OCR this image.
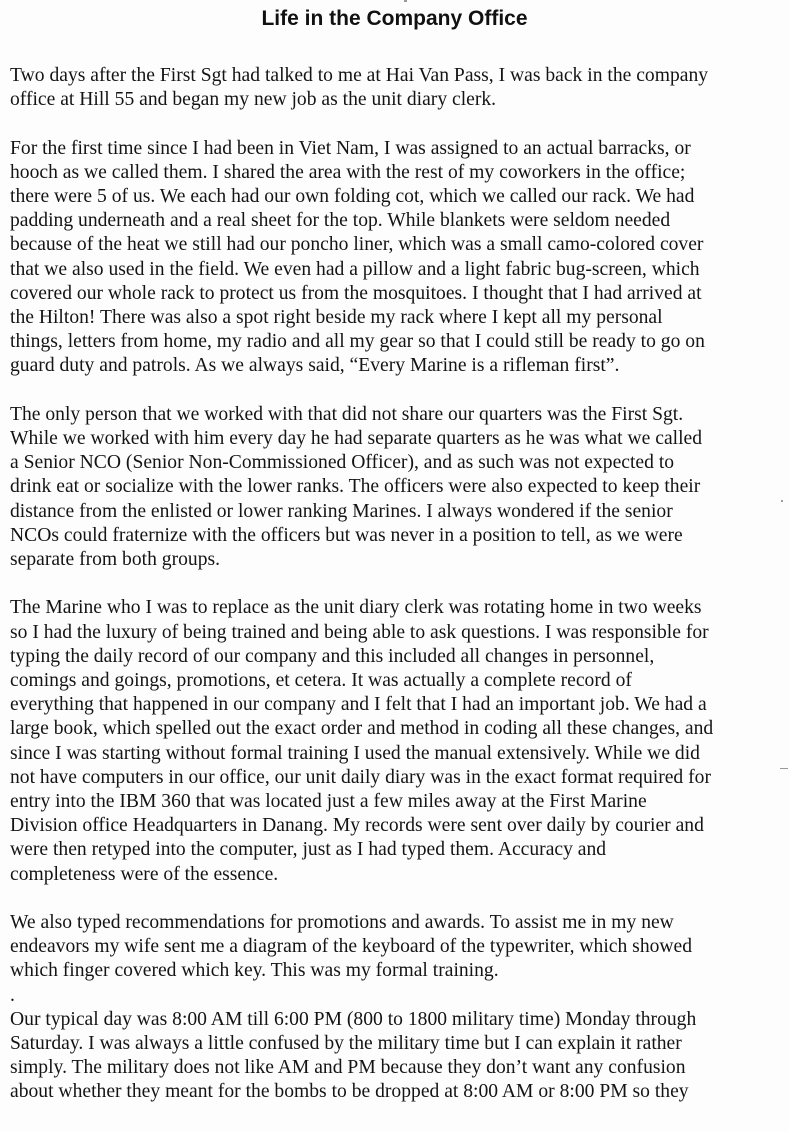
Life in the Company Office

Two days after the First Sgt had talked to me at Hai Van Pass, I was back in the company
office at Hill 55 and began my new job as the unit diary clerk.

For the first time since I had been in Viet Nam, I was assigned to an actual barracks, or
hooch as we called them. I shared the area with the rest of my coworkers in the office;
there were 5 of us. We each had our own folding cot, which we called our rack. We had
padding underneath and a real sheet for the top. While blankets were seldom needed
because of the heat we still had our poncho liner, which was a small camo-colored cover
that we also used in the field. We even had a pillow and a light fabric bug-screen, which
covered our whole rack to protect us from the mosquitoes. I thought that I had arrived at
the Hilton! There was also a spot right beside my rack where I kept all my personal
things, letters from home, my radio and all my gear so that I could still be ready to go on
guard duty and patrols. As we always said, “Every Marine is a rifleman first”.

The only person that we worked with that did not share our quarters was the First Sgt.
While we worked with him every day he had separate quarters as he was what we called
a Senior NCO (Senior Non-Commissioned Officer), and as such was not expected to
drink eat or socialize with the lower ranks. The officers were also expected to keep their
distance from the enlisted or lower ranking Marines. I always wondered if the senior
NCOs could fraternize with the officers but was never in a position to tell, as we were
separate from both groups.

The Marine who I was to replace as the unit diary clerk was rotating home in two weeks
so I had the luxury of being trained and being able to ask questions. I was responsible for
typing the daily record of our company and this included all changes in personnel,
comings and goings, promotions, et cetera. It was actually a complete record of
everything that happened in our company and I felt that I had an important job. We had a
large book, which spelled out the exact order and method in coding all these changes, and
since I was starting without formal training I used the manual extensively. While we did
not have computers in our office, our unit daily diary was in the exact format required for
entry into the IBM 360 that was located just a few miles away at the First Marine
Division office Headquarters in Danang. My records were sent over daily by courier and
were then retyped into the computer, just as I had typed them. Accuracy and
completeness were of the essence.

We also typed recommendations for promotions and awards. To assist me in my new
endeavors my wife sent me a diagram of the keyboard of the typewriter, which showed
which finger covered which key. This was my formal training.

.

Our typical day was 8:00 AM till 6:00 PM (800 to 1800 military time) Monday through
Saturday. I was always a little confused by the military time but I can explain it rather
simply. The military does not like AM and PM because they don’t want any confusion
about whether they meant for the bombs to be dropped at 8:00 AM or 8:00 PM so they
